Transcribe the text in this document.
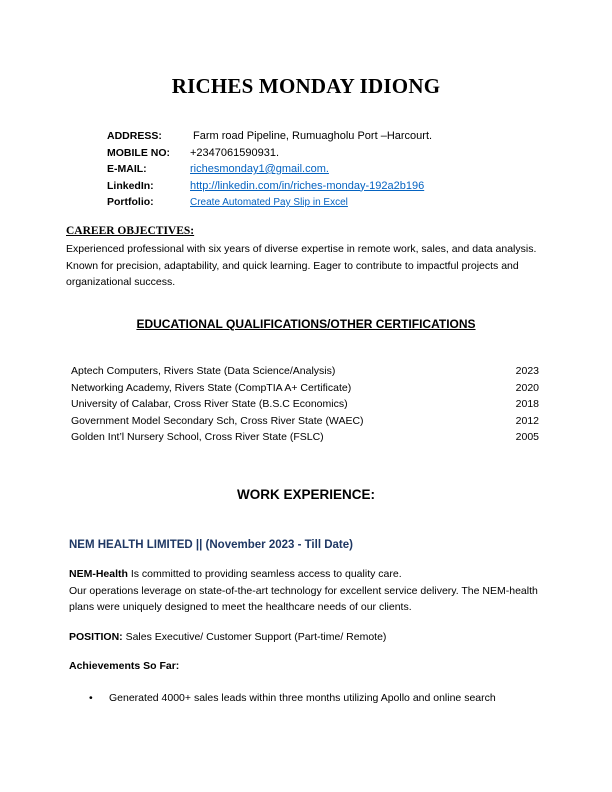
RICHES MONDAY IDIONG
ADDRESS:	Farm road Pipeline, Rumuagholu Port –Harcourt.
MOBILE NO:	+2347061590931.
E-MAIL:	richesmonday1@gmail.com.
LinkedIn:	http://linkedin.com/in/riches-monday-192a2b196
Portfolio:	Create Automated Pay Slip in Excel
CAREER OBJECTIVES:
Experienced professional with six years of diverse expertise in remote work, sales, and data analysis. Known for precision, adaptability, and quick learning. Eager to contribute to impactful projects and organizational success.
EDUCATIONAL QUALIFICATIONS/OTHER CERTIFICATIONS
Aptech Computers, Rivers State (Data Science/Analysis)	2023
Networking Academy, Rivers State (CompTIA A+ Certificate)	2020
University of Calabar, Cross River State (B.S.C Economics)	2018
Government Model Secondary Sch, Cross River State (WAEC)	2012
Golden Int’l Nursery School, Cross River State (FSLC)	2005
WORK EXPERIENCE:
NEM HEALTH LIMITED || (November 2023 - Till Date)
NEM-Health Is committed to providing seamless access to quality care.
Our operations leverage on state-of-the-art technology for excellent service delivery. The NEM-health plans were uniquely designed to meet the healthcare needs of our clients.
POSITION: Sales Executive/ Customer Support (Part-time/ Remote)
Achievements So Far:
• Generated 4000+ sales leads within three months utilizing Apollo and online search
